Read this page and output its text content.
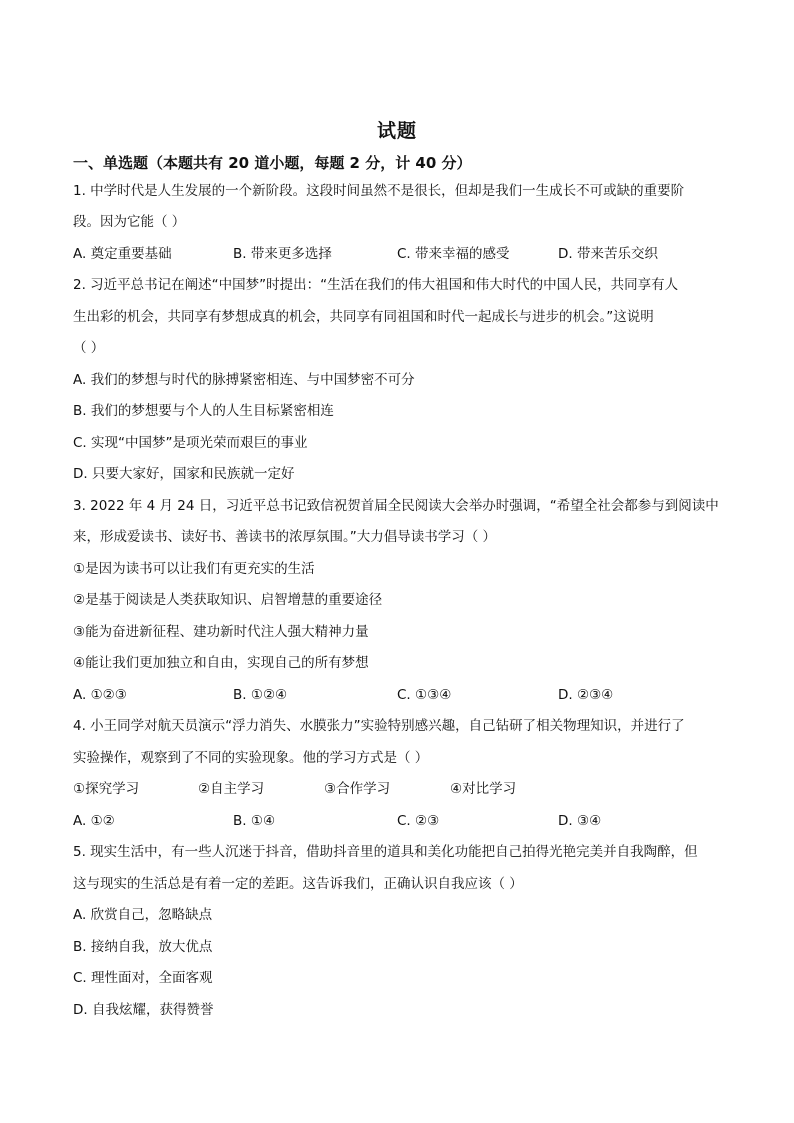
试题
一、单选题（本题共有 20 道小题，每题 2 分，计 40 分）
1. 中学时代是人生发展的一个新阶段。这段时间虽然不是很长，但却是我们一生成长不可或缺的重要阶
段。因为它能（ ）
A. 奠定重要基础	B. 带来更多选择	C. 带来幸福的感受	D. 带来苦乐交织
2. 习近平总书记在阐述“中国梦”时提出：“生活在我们的伟大祖国和伟大时代的中国人民，共同享有人
生出彩的机会，共同享有梦想成真的机会，共同享有同祖国和时代一起成长与进步的机会。”这说明
（ ）
A. 我们的梦想与时代的脉搏紧密相连、与中国梦密不可分
B. 我们的梦想要与个人的人生目标紧密相连
C. 实现“中国梦”是项光荣而艰巨的事业
D. 只要大家好，国家和民族就一定好
3. 2022 年 4 月 24 日，习近平总书记致信祝贺首届全民阅读大会举办时强调，“希望全社会都参与到阅读中
来，形成爱读书、读好书、善读书的浓厚氛围。”大力倡导读书学习（ ）
①是因为读书可以让我们有更充实的生活
②是基于阅读是人类获取知识、启智增慧的重要途径
③能为奋进新征程、建功新时代注人强大精神力量
④能让我们更加独立和自由，实现自己的所有梦想
A. ①②③	B. ①②④	C. ①③④	D. ②③④
4. 小王同学对航天员演示“浮力消失、水膜张力”实验特别感兴趣，自己钻研了相关物理知识，并进行了
实验操作，观察到了不同的实验现象。他的学习方式是（ ）
①探究学习	②自主学习	③合作学习	④对比学习
A. ①②	B. ①④	C. ②③	D. ③④
5. 现实生活中，有一些人沉迷于抖音，借助抖音里的道具和美化功能把自己拍得光艳完美并自我陶醉，但
这与现实的生活总是有着一定的差距。这告诉我们，正确认识自我应该（ ）
A. 欣赏自己，忽略缺点
B. 接纳自我，放大优点
C. 理性面对，全面客观
D. 自我炫耀，获得赞誉
